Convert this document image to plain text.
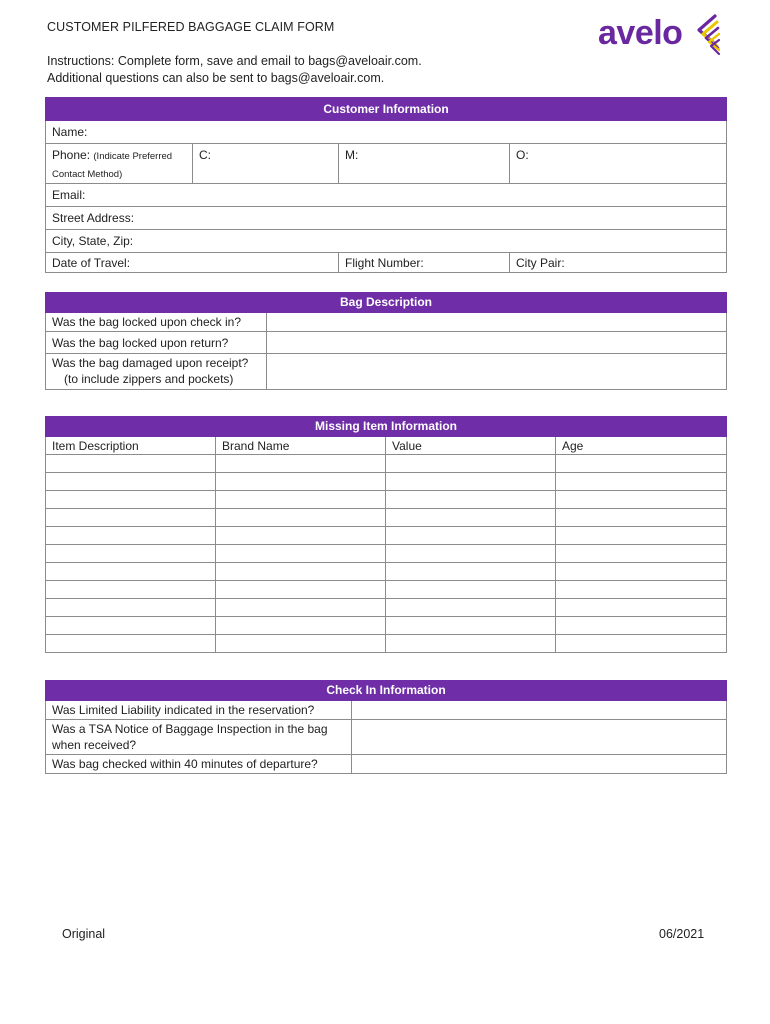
CUSTOMER PILFERED BAGGAGE CLAIM FORM
Instructions: Complete form, save and email to bags@aveloair.com.
Additional questions can also be sent to bags@aveloair.com.
avelo
Customer Information			
Name:			
Phone: (Indicate Preferred Contact Method)	C:	M:	O:
Email:			
Street Address:			
City, State, Zip:			
Date of Travel:		Flight Number:	City Pair:
Bag Description	
Was the bag locked upon check in?	
Was the bag locked upon return?	

Was the bag damaged upon receipt?
(to include zippers and pockets)	

Missing Item Information			
Item Description	Brand Name	Value	Age

Check In Information	
Was Limited Liability indicated in the reservation?	
Was a TSA Notice of Baggage Inspection in the bag when received?	
Was bag checked within 40 minutes of departure?	
Original	06/2021
